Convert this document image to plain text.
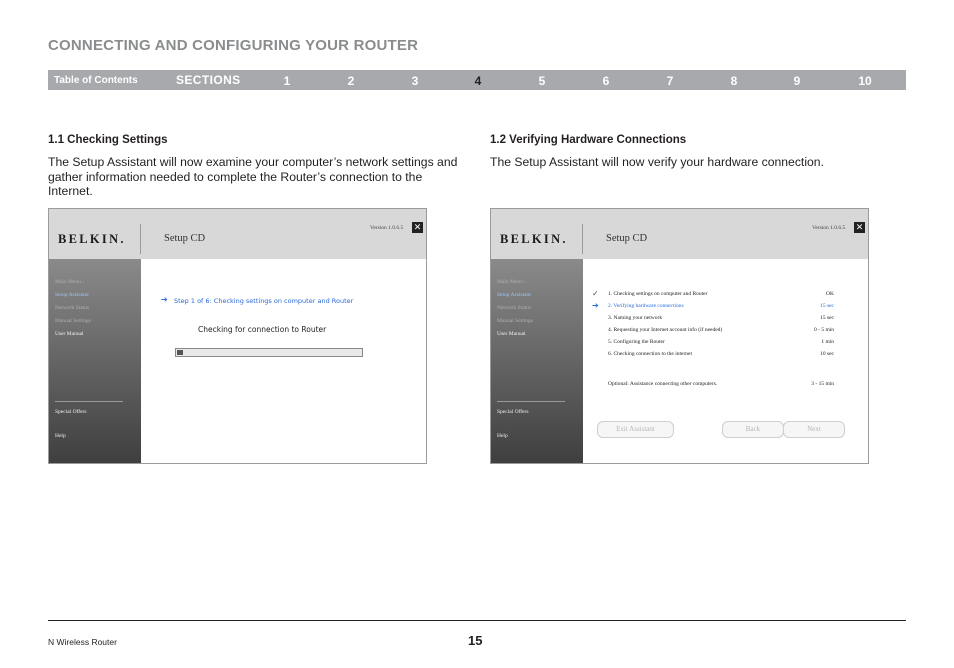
CONNECTING AND CONFIGURING YOUR ROUTER
Table of Contents	SECTIONS	1	2	3	4	5	6	7	8	9	10
1.1 Checking Settings
The Setup Assistant will now examine your computer’s network settings and gather information needed to complete the Router’s connection to the Internet.
BELKIN.	Setup CD
Version 1.0.6.5 ✕
Main Menu ›
Setup Assistant
Network Status
Manual Settings
User Manual
Special Offers
Help
➔ Step 1 of 6: Checking settings on computer and Router
Checking for connection to Router
1.2 Verifying Hardware Connections
The Setup Assistant will now verify your hardware connection.
BELKIN.	Setup CD
Version 1.0.6.5 ✕
Main Menu ›
Setup Assistant
Network Status
Manual Settings
User Manual
Special Offers
Help
✓
➔
1. Checking settings on computer and Router	OK
2. Verifying hardware connections	15 sec
3. Naming your network	15 sec
4. Requesting your Internet account info (if needed)	0 - 5 min
5. Configuring the Router	1 min
6. Checking connection to the internet	10 sec
Optional: Assistance connecting other computers.	3 - 15 min
Exit Assistant	Back	Next
N Wireless Router	15
